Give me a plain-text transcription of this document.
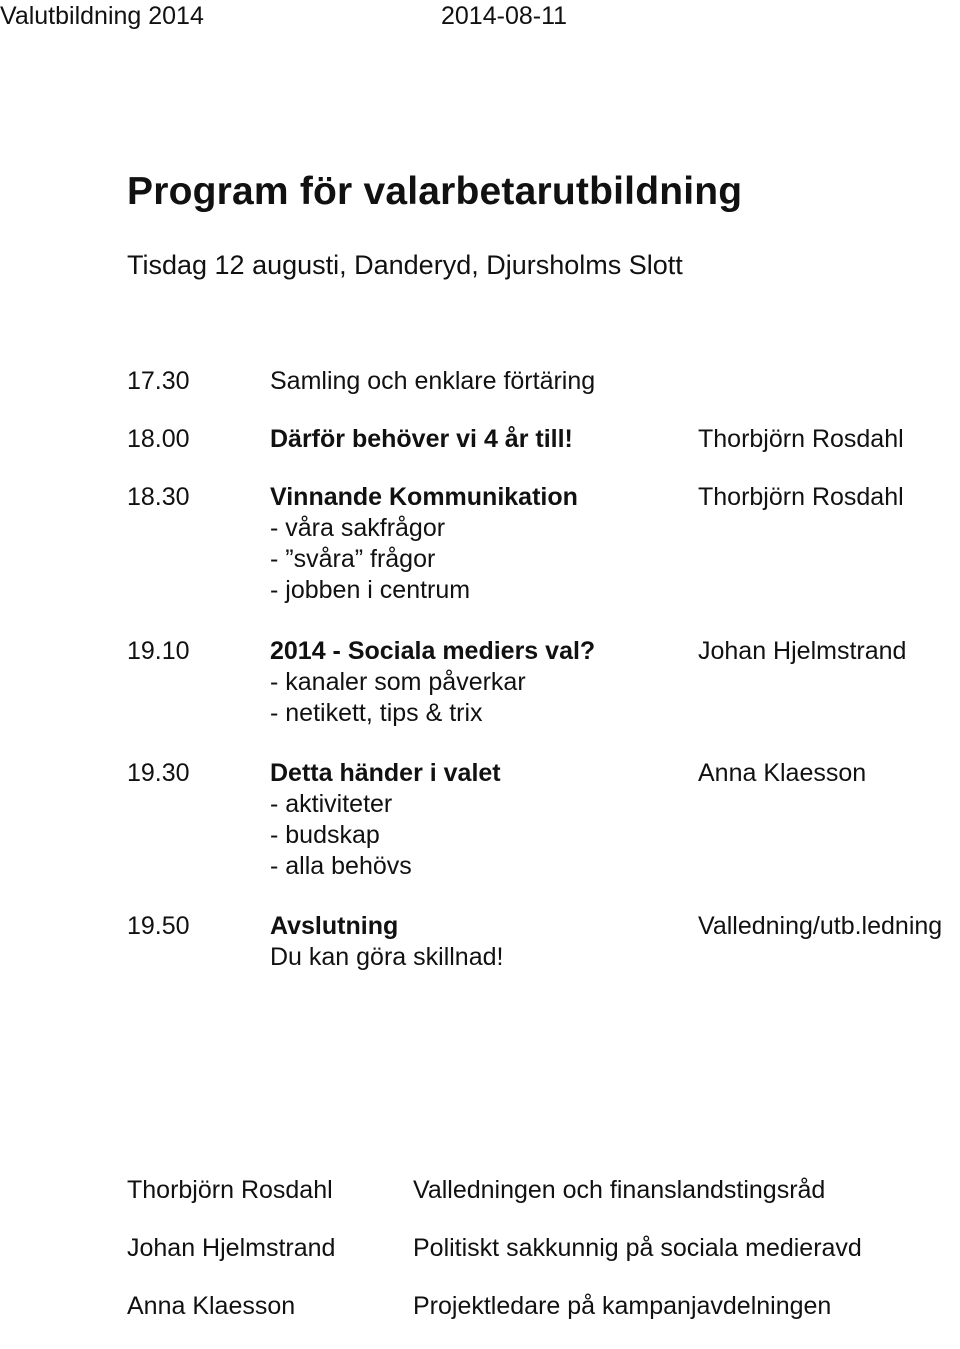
Valutbildning 2014	2014-08-11
Program för valarbetarutbildning
Tisdag 12 augusti, Danderyd, Djursholms Slott
17.30	Samling och enklare förtäring
18.00	Därför behöver vi 4 år till!	Thorbjörn Rosdahl
18.30	Vinnande Kommunikation	Thorbjörn Rosdahl
- våra sakfrågor
- ”svåra” frågor
- jobben i centrum
19.10	2014 - Sociala mediers val?	Johan Hjelmstrand
- kanaler som påverkar
- netikett, tips & trix
19.30	Detta händer i valet	Anna Klaesson
- aktiviteter
- budskap
- alla behövs
19.50	Avslutning	Valledning/utb.ledning
Du kan göra skillnad!
Thorbjörn Rosdahl	Valledningen och finanslandstingsråd
Johan Hjelmstrand	Politiskt sakkunnig på sociala medieravd
Anna Klaesson	Projektledare på kampanjavdelningen
